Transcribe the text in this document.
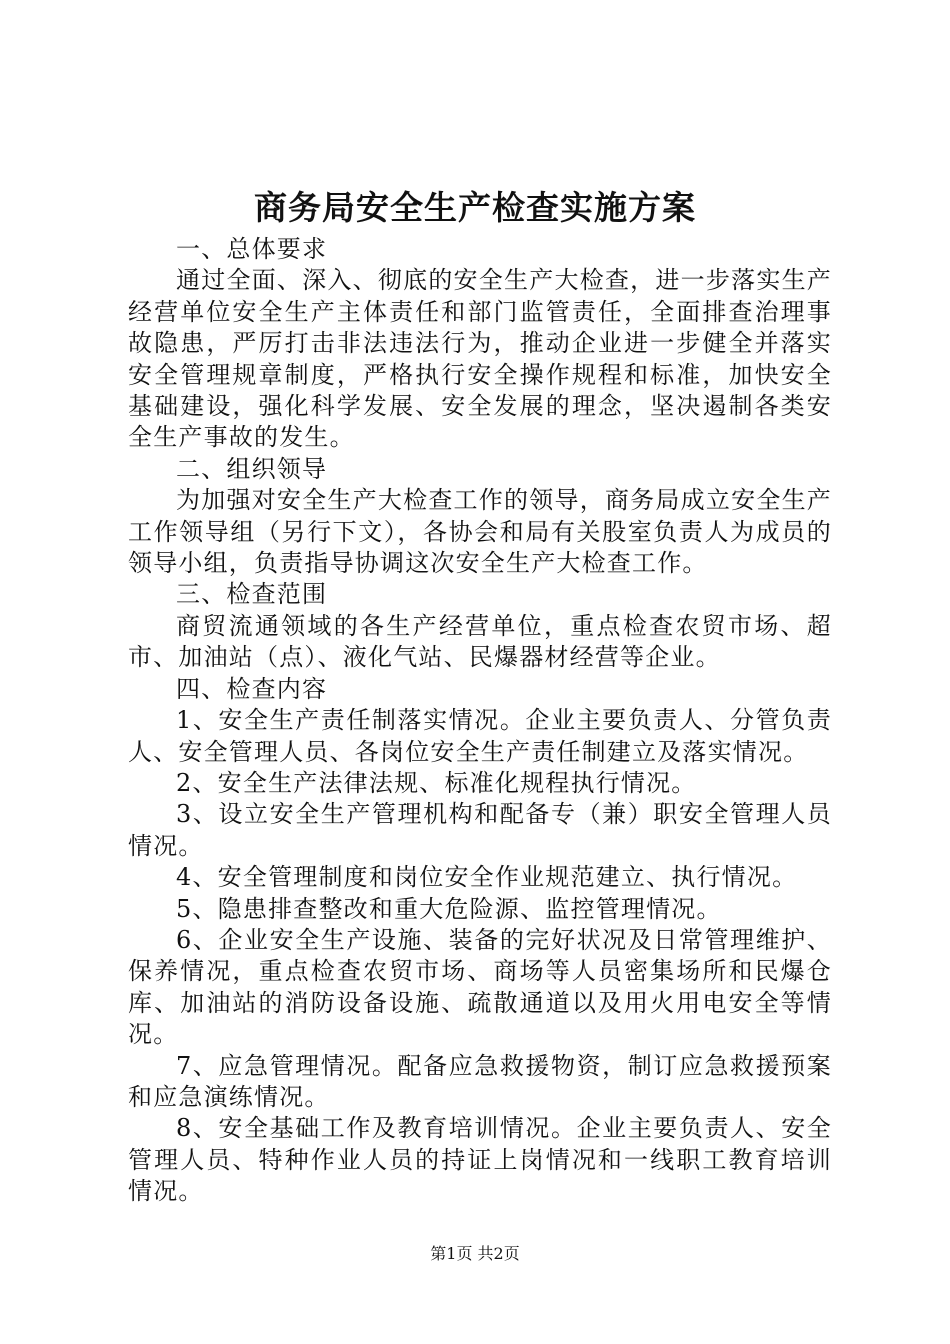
商务局安全生产检查实施方案

一、总体要求

通过全面、深入、彻底的安全生产大检查，进一步落实生产经营单位安全生产主体责任和部门监管责任，全面排查治理事故隐患，严厉打击非法违法行为，推动企业进一步健全并落实安全管理规章制度，严格执行安全操作规程和标准，加快安全基础建设，强化科学发展、安全发展的理念，坚决遏制各类安全生产事故的发生。

二、组织领导

为加强对安全生产大检查工作的领导，商务局成立安全生产工作领导组（另行下文），各协会和局有关股室负责人为成员的领导小组，负责指导协调这次安全生产大检查工作。

三、检查范围

商贸流通领域的各生产经营单位，重点检查农贸市场、超市、加油站（点）、液化气站、民爆器材经营等企业。

四、检查内容

1、安全生产责任制落实情况。企业主要负责人、分管负责人、安全管理人员、各岗位安全生产责任制建立及落实情况。

2、安全生产法律法规、标准化规程执行情况。

3、设立安全生产管理机构和配备专（兼）职安全管理人员情况。

4、安全管理制度和岗位安全作业规范建立、执行情况。

5、隐患排查整改和重大危险源、监控管理情况。

6、企业安全生产设施、装备的完好状况及日常管理维护、保养情况，重点检查农贸市场、商场等人员密集场所和民爆仓库、加油站的消防设备设施、疏散通道以及用火用电安全等情况。

7、应急管理情况。配备应急救援物资，制订应急救援预案和应急演练情况。

8、安全基础工作及教育培训情况。企业主要负责人、安全管理人员、特种作业人员的持证上岗情况和一线职工教育培训情况。

第1页 共2页
